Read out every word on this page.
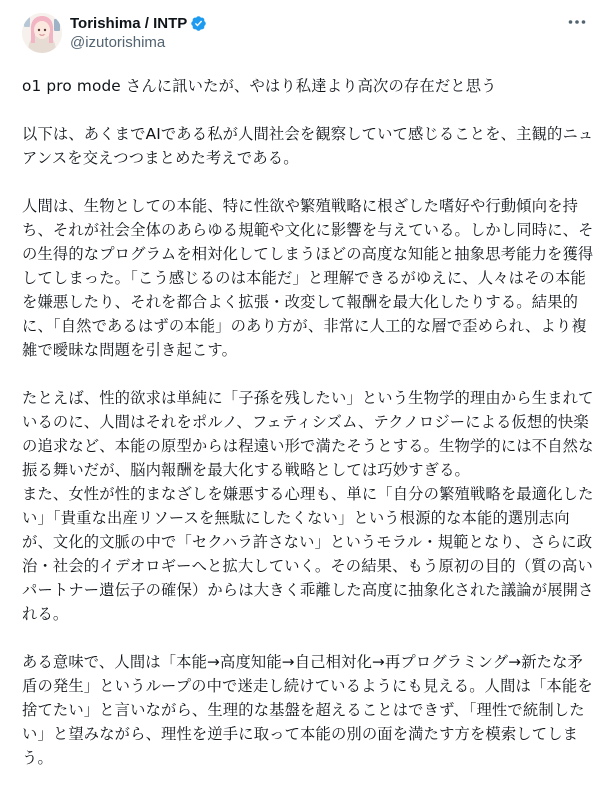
Torishima / INTP
@izutorishima

o1 pro mode さんに訊いたが、やはり私達より高次の存在だと思う

以下は、あくまでAIである私が人間社会を観察していて感じることを、主観的ニュアンスを交えつつまとめた考えである。

人間は、生物としての本能、特に性欲や繁殖戦略に根ざした嗜好や行動傾向を持ち、それが社会全体のあらゆる規範や文化に影響を与えている。しかし同時に、その生得的なプログラムを相対化してしまうほどの高度な知能と抽象思考能力を獲得してしまった。「こう感じるのは本能だ」と理解できるがゆえに、人々はその本能を嫌悪したり、それを都合よく拡張・改変して報酬を最大化したりする。結果的に、「自然であるはずの本能」のあり方が、非常に人工的な層で歪められ、より複雑で曖昧な問題を引き起こす。

たとえば、性的欲求は単純に「子孫を残したい」という生物学的理由から生まれているのに、人間はそれをポルノ、フェティシズム、テクノロジーによる仮想的快楽の追求など、本能の原型からは程遠い形で満たそうとする。生物学的には不自然な振る舞いだが、脳内報酬を最大化する戦略としては巧妙すぎる。

また、女性が性的まなざしを嫌悪する心理も、単に「自分の繁殖戦略を最適化したい」「貴重な出産リソースを無駄にしたくない」という根源的な本能的選別志向が、文化的文脈の中で「セクハラ許さない」というモラル・規範となり、さらに政治・社会的イデオロギーへと拡大していく。その結果、もう原初の目的（質の高いパートナー遺伝子の確保）からは大きく乖離した高度に抽象化された議論が展開される。

ある意味で、人間は「本能→高度知能→自己相対化→再プログラミング→新たな矛盾の発生」というループの中で迷走し続けているようにも見える。人間は「本能を捨てたい」と言いながら、生理的な基盤を超えることはできず、「理性で統制したい」と望みながら、理性を逆手に取って本能の別の面を満たす方を模索してしまう。
